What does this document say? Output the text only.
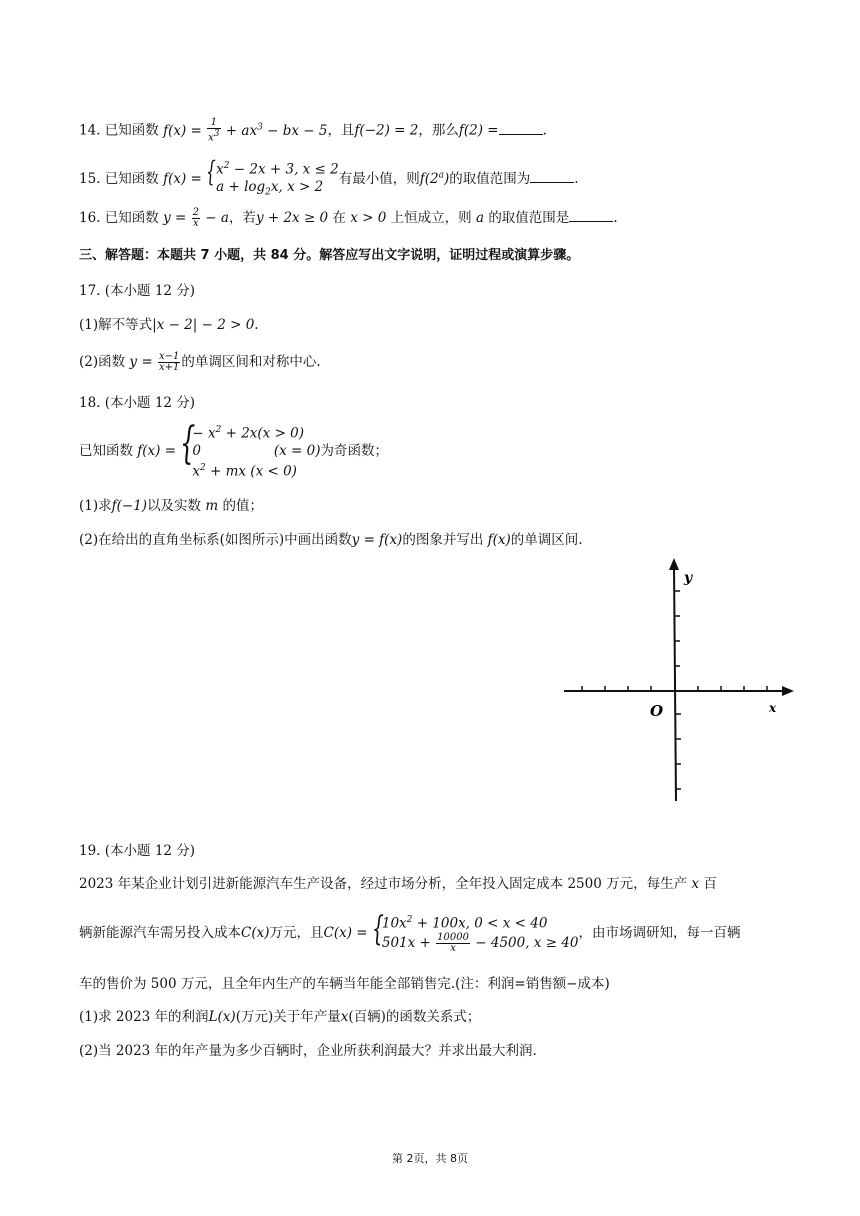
14. 已知函数 $f(x) = \frac{1}{x^3} + ax^3$ − bx − 5，且f(−2) = 2，那么f(2) =	.
15. 已知函数 f(x) = { $x^2 - 2x + 3$, x ≤ 2
$a + \log_2x$, x > 2	有最小值，则f(2$^a$)的取值范围为	.
16. 已知函数 $y = \frac{2}{x} - a$，若y + 2x ≥ 0 在 x > 0 上恒成立，则 a 的取值范围是	.
三、解答题：本题共 7 小题，共 84 分。解答应写出文字说明，证明过程或演算步骤。
17. (本小题 12 分)
(1)解不等式|x − 2| − 2 > 0.
(2)函数 $y = \frac{x-1}{x+1}$ 的单调区间和对称中心.
18. (本小题 12 分)
已知函数 f(x) = {
− $x^2 + 2x(x > 0)$
0                 (x = 0)为奇函数；
$x^2$ + mx (x < 0)
(1)求f(−1)以及实数 m 的值；
(2)在给出的直角坐标系(如图所示)中画出函数y = f(x)的图象并写出 f(x)的单调区间.
y
x
O
19. (本小题 12 分)
2023 年某企业计划引进新能源汽车生产设备，经过市场分析，全年投入固定成本 2500 万元，每生产 x 百
辆新能源汽车需另投入成本C(x)万元，且C(x) = {
$10x^2 + 100x$, 0 < x < 40
$501x + \frac{10000}{x} - 4500$, x ≥ 40
，由市场调研知，每一百辆
车的售价为 500 万元，且全年内生产的车辆当年能全部销售完.(注：利润=销售额−成本)
(1)求 2023 年的利润L(x)(万元)关于年产量x(百辆)的函数关系式；
(2)当 2023 年的年产量为多少百辆时，企业所获利润最大？并求出最大利润.
第 2页，共 8页
